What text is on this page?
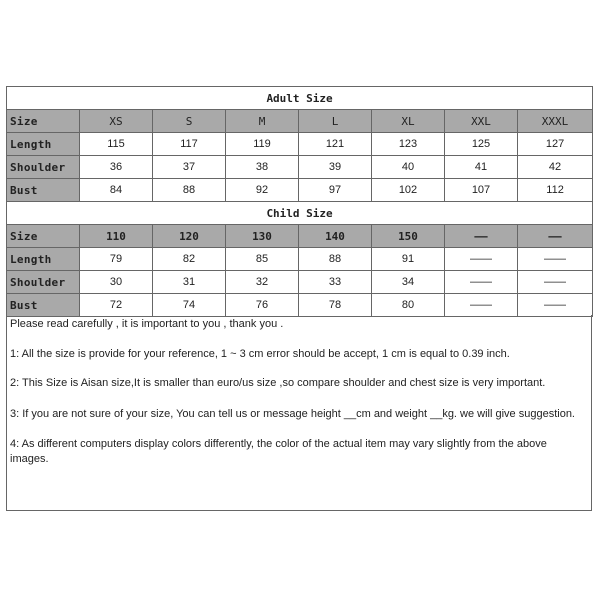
Adult Size							
Size	XS	S	M	L	XL	XXL	XXXL
Length	115	117	119	121	123	125	127
Shoulder	36	37	38	39	40	41	42
Bust	84	88	92	97	102	107	112
Child Size							
Size	110	120	130	140	150	——	——
Length	79	82	85	88	91	——	——
Shoulder	30	31	32	33	34	——	——
Bust	72	74	76	78	80	——	——

Please read carefully , it is important to you , thank you .

1: All the size is provide for your reference, 1 ~ 3 cm error should be accept, 1 cm is equal to 0.39 inch.

2: This Size is Aisan size,It is smaller than euro/us size ,so compare shoulder and chest size is very important.

3: If you are not sure of your size, You can tell us or message height __cm and weight __kg. we will give suggestion.

4: As different computers display colors differently, the color of the actual item may vary slightly from the above images.
